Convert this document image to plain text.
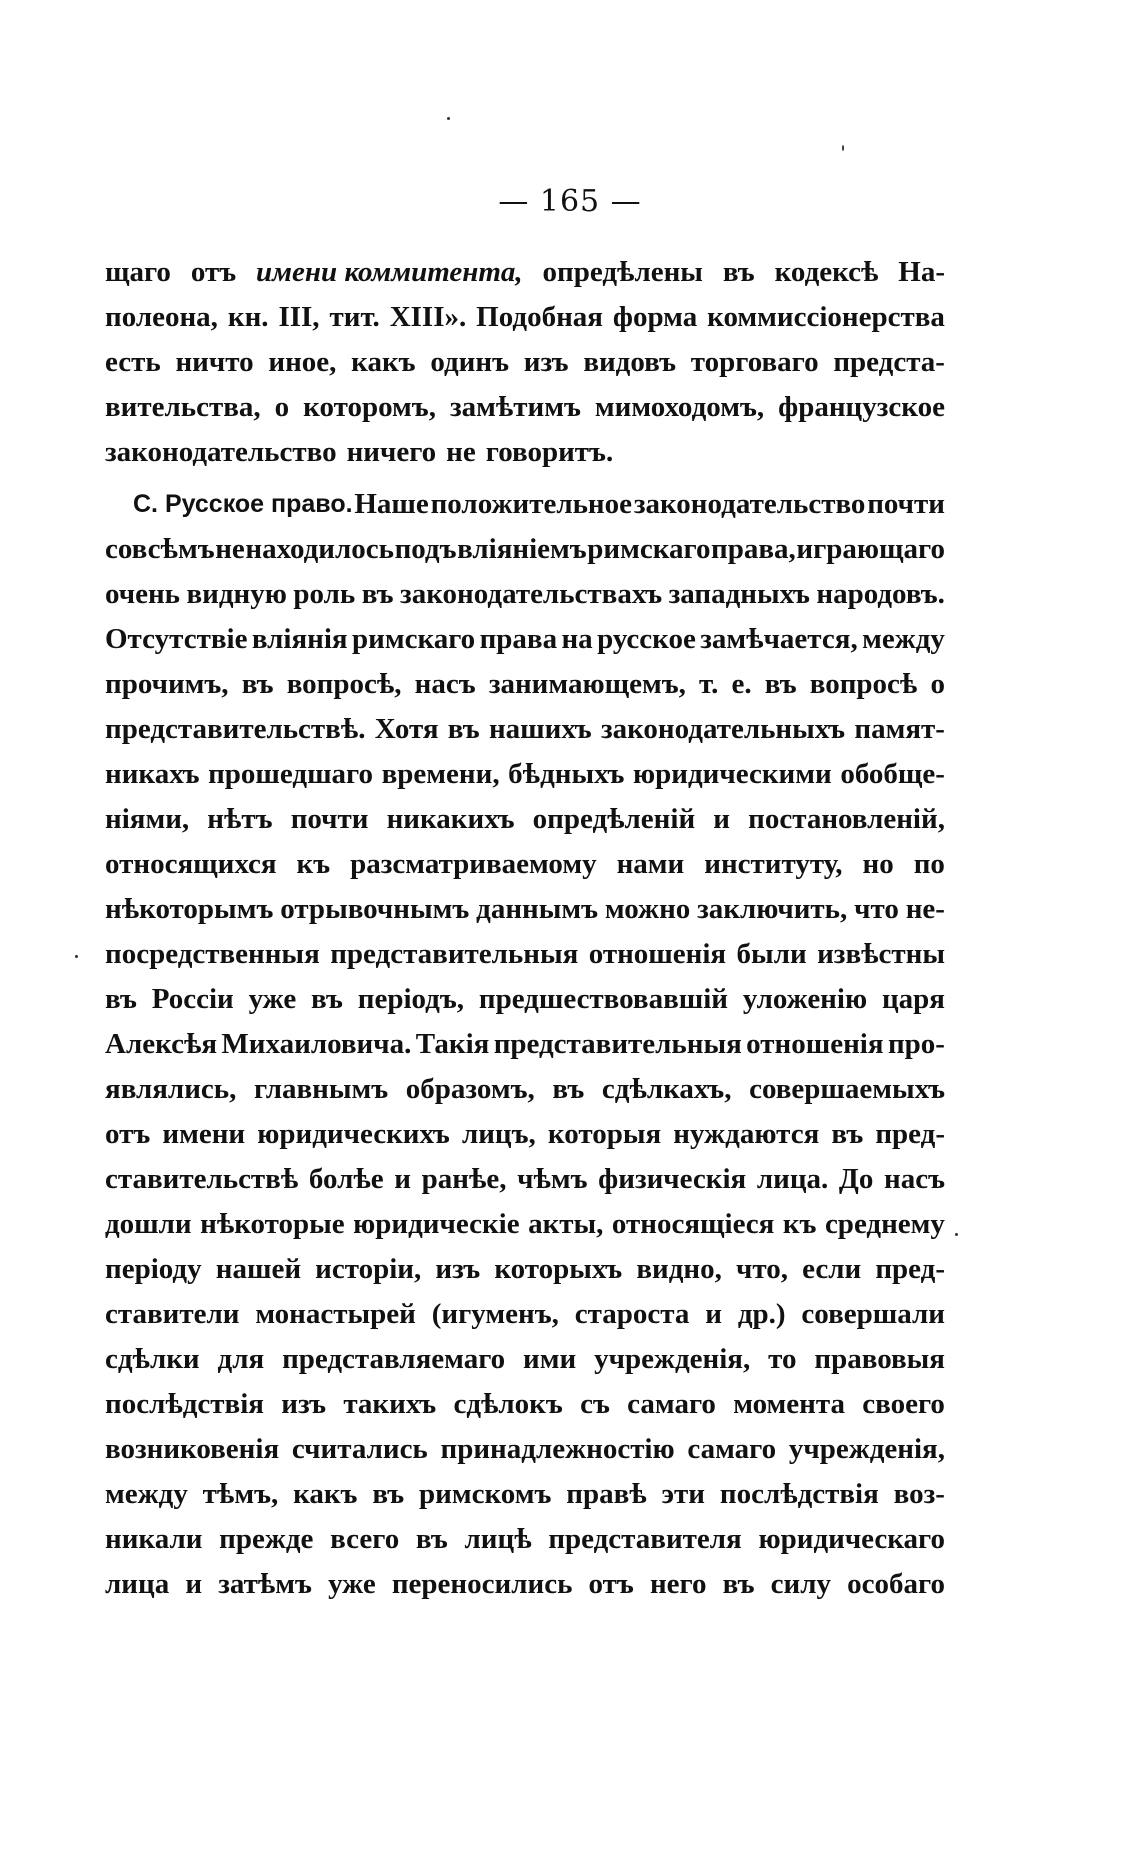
— 165 —
щаго отъ имени коммитента, опредѣлены въ кодексѣ На-
полеона, кн. III, тит. XIII». Подобная форма коммиссіонерства
есть ничто иное, какъ одинъ изъ видовъ торговаго предста-
вительства, о которомъ, замѣтимъ мимоходомъ, французское
законодательство ничего не говоритъ.
С. Русское право. Наше положительное законодательство почти
совсѣмъ не находилось подъ вліяніемъ римскаго права, играющаго
очень видную роль въ законодательствахъ западныхъ народовъ.
Отсутствіе вліянія римскаго права на русское замѣчается, между
прочимъ, въ вопросѣ, насъ занимающемъ, т. е. въ вопросѣ о
представительствѣ. Хотя въ нашихъ законодательныхъ памят-
никахъ прошедшаго времени, бѣдныхъ юридическими обобще-
ніями, нѣтъ почти никакихъ опредѣленій и постановленій,
относящихся къ разсматриваемому нами институту, но по
нѣкоторымъ отрывочнымъ даннымъ можно заключить, что не-
посредственныя представительныя отношенія были извѣстны
въ Россіи уже въ періодъ, предшествовавшій уложенію царя
Алексѣя Михаиловича. Такія представительныя отношенія про-
являлись, главнымъ образомъ, въ сдѣлкахъ, совершаемыхъ
отъ имени юридическихъ лицъ, которыя нуждаются въ пред-
ставительствѣ болѣе и ранѣе, чѣмъ физическія лица. До насъ
дошли нѣкоторые юридическіе акты, относящіеся къ среднему
періоду нашей исторіи, изъ которыхъ видно, что, если пред-
ставители монастырей (игуменъ, староста и др.) совершали
сдѣлки для представляемаго ими учрежденія, то правовыя
послѣдствія изъ такихъ сдѣлокъ съ самаго момента своего
возниковенія считались принадлежностію самаго учрежденія,
между тѣмъ, какъ въ римскомъ правѣ эти послѣдствія воз-
никали прежде всего въ лицѣ представителя юридическаго
лица и затѣмъ уже переносились отъ него въ силу особаго
